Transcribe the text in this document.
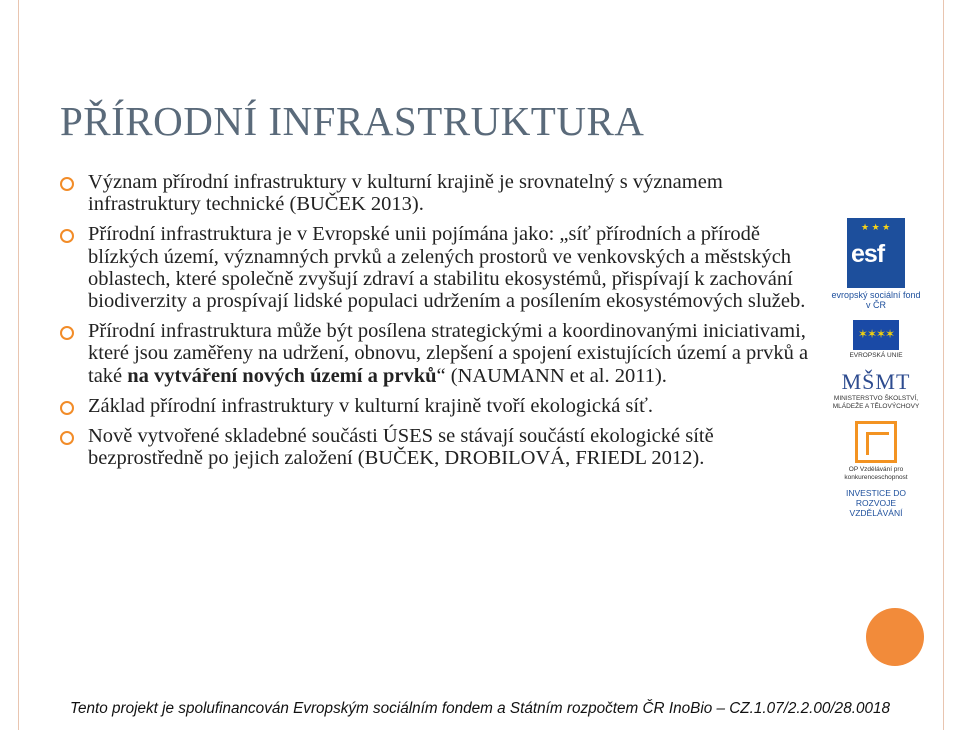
PŘÍRODNÍ INFRASTRUKTURA
Význam přírodní infrastruktury v kulturní krajině je srovnatelný s významem infrastruktury technické (BUČEK 2013).
Přírodní infrastruktura je v Evropské unii pojímána jako: „síť přírodních a přírodě blízkých území, významných prvků a zelených prostorů ve venkovských a městských oblastech, které společně zvyšují zdraví a stabilitu ekosystémů, přispívají k zachování biodiverzity a prospívají lidské populaci udržením a posílením ekosystémových služeb.
Přírodní infrastruktura může být posílena strategickými a koordinovanými iniciativami, které jsou zaměřeny na udržení, obnovu, zlepšení a spojení existujících území a prvků a také na vytváření nových území a prvků“ (NAUMANN et al. 2011).
Základ přírodní infrastruktury v kulturní krajině tvoří ekologická síť.
Nově vytvořené skladebné součásti ÚSES se stávají součástí ekologické sítě bezprostředně po jejich založení (BUČEK, DROBILOVÁ, FRIEDL 2012).
★ ★ ★
esf
evropský sociální fond v ČR
✶✶✶✶
EVROPSKÁ UNIE
MŠMT
MINISTERSTVO ŠKOLSTVÍ, MLÁDEŽE A TĚLOVÝCHOVY
OP Vzdělávání pro konkurenceschopnost
INVESTICE DO ROZVOJE VZDĚLÁVÁNÍ
Tento projekt je spolufinancován Evropským sociálním fondem a Státním rozpočtem ČR InoBio – CZ.1.07/2.2.00/28.0018
